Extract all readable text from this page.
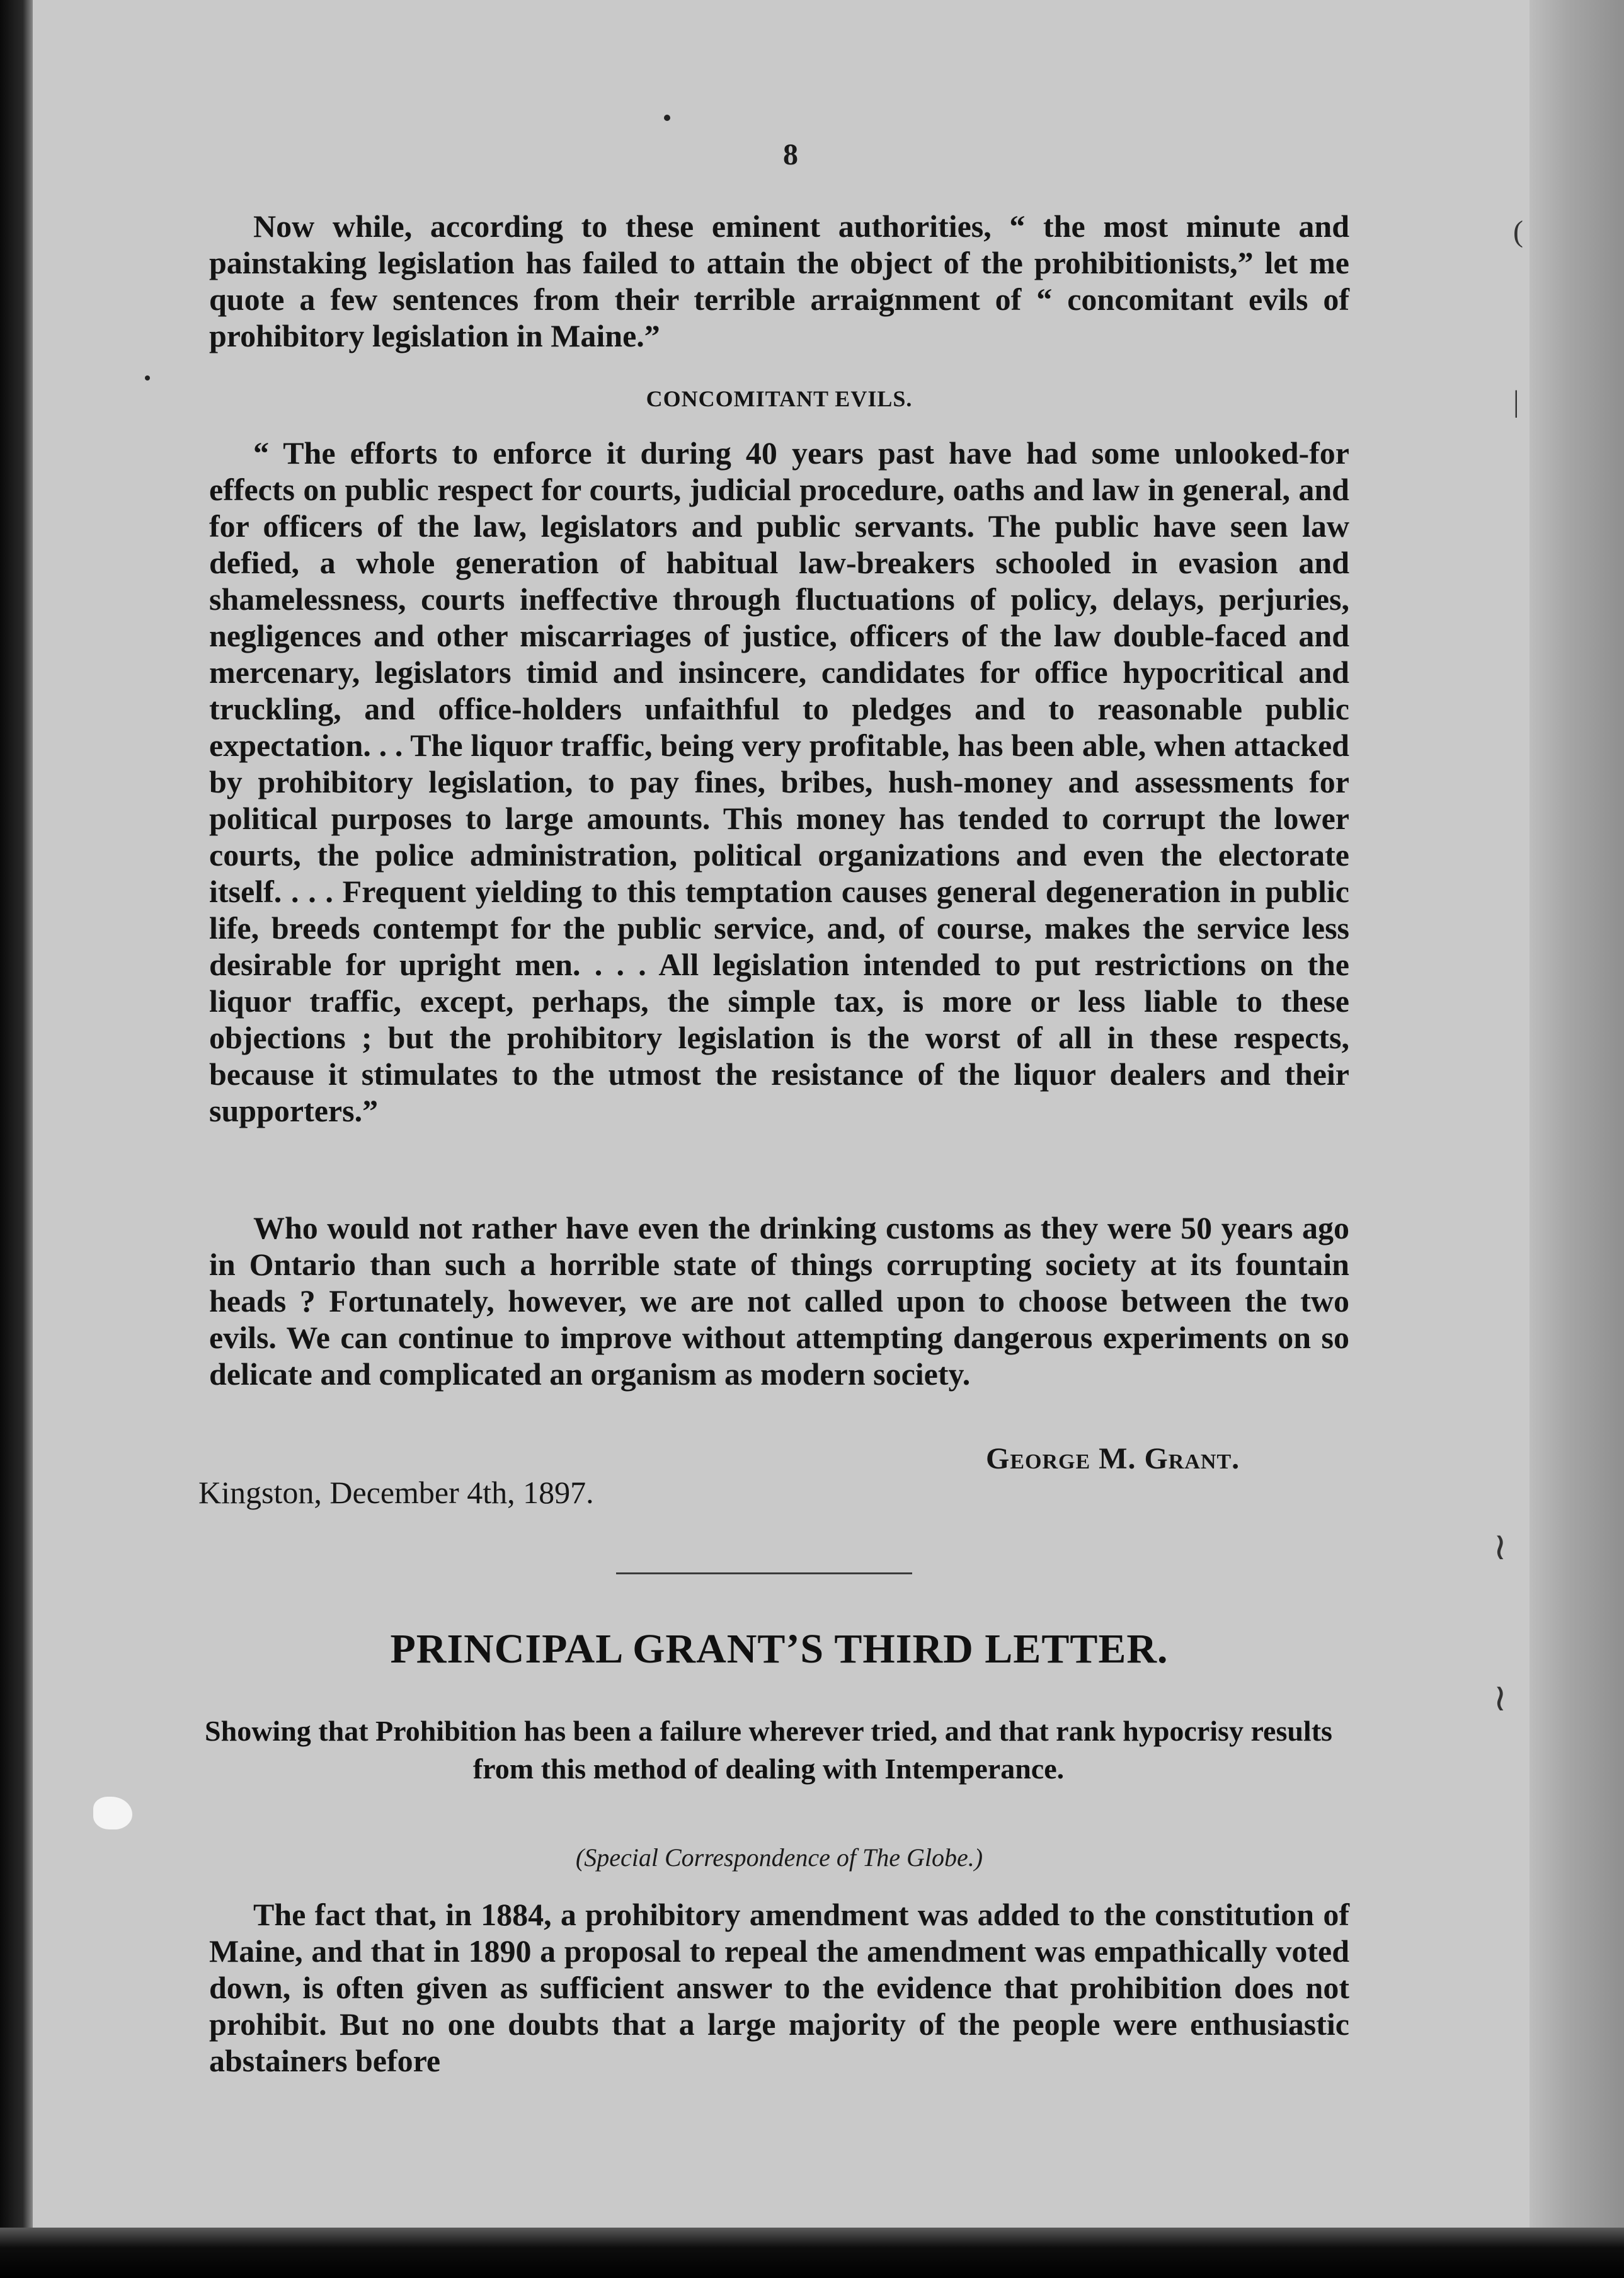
8

Now while, according to these eminent authorities, “ the most minute and painstaking legislation has failed to attain the object of the prohibitionists,” let me quote a few sentences from their terrible arraignment of “ concomitant evils of prohibitory legislation in Maine.”

CONCOMITANT EVILS.

“ The efforts to enforce it during 40 years past have had some unlooked-for effects on public respect for courts, judicial procedure, oaths and law in general, and for officers of the law, legislators and public servants. The public have seen law defied, a whole generation of habitual law-breakers schooled in evasion and shamelessness, courts ineffective through fluctuations of policy, delays, perjuries, negligences and other miscarriages of justice, officers of the law double-faced and mercenary, legislators timid and insincere, candidates for office hypocritical and truckling, and office-holders unfaithful to pledges and to reasonable public expectation. . . The liquor traffic, being very profitable, has been able, when attacked by prohibitory legislation, to pay fines, bribes, hush-money and assessments for political purposes to large amounts. This money has tended to corrupt the lower courts, the police administration, political organizations and even the electorate itself. . . . Frequent yielding to this temptation causes general degeneration in public life, breeds contempt for the public service, and, of course, makes the service less desirable for upright men. . . . All legislation intended to put restrictions on the liquor traffic, except, perhaps, the simple tax, is more or less liable to these objections ; but the prohibitory legislation is the worst of all in these respects, because it stimulates to the utmost the resistance of the liquor dealers and their supporters.”

Who would not rather have even the drinking customs as they were 50 years ago in Ontario than such a horrible state of things corrupting society at its fountain heads ? Fortunately, however, we are not called upon to choose between the two evils. We can continue to improve without attempting dangerous experiments on so delicate and complicated an organism as modern society.

George M. Grant.
Kingston, December 4th, 1897.
PRINCIPAL GRANT’S THIRD LETTER.
Showing that Prohibition has been a failure wherever tried, and that rank hypocrisy results from this method of dealing with Intemperance.
(Special Correspondence of The Globe.)

The fact that, in 1884, a prohibitory amendment was added to the constitution of Maine, and that in 1890 a proposal to repeal the amendment was empathically voted down, is often given as sufficient answer to the evidence that prohibition does not prohibit. But no one doubts that a large majority of the people were enthusiastic abstainers before

(
|
≀
≀
